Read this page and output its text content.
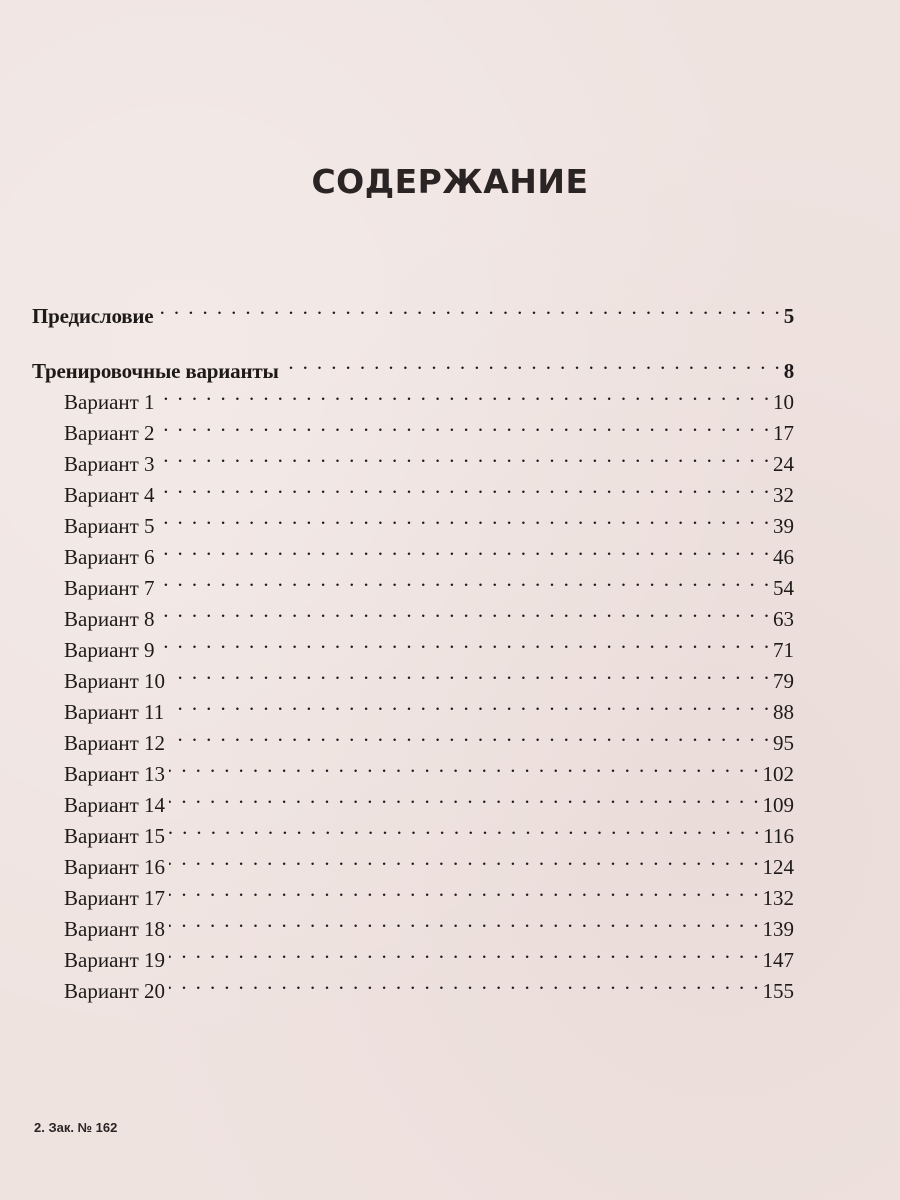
СОДЕРЖАНИЕ
Предисловие . . .	5
Тренировочные варианты . . .	8
Вариант 1 . . .	10
Вариант 2 . . .	17
Вариант 3 . . .	24
Вариант 4 . . .	32
Вариант 5 . . .	39
Вариант 6 . . .	46
Вариант 7 . . .	54
Вариант 8 . . .	63
Вариант 9 . . .	71
Вариант 10 . . .	79
Вариант 11 . . .	88
Вариант 12 . . .	95
Вариант 13 . . .	102
Вариант 14 . . .	109
Вариант 15 . . .	116
Вариант 16 . . .	124
Вариант 17 . . .	132
Вариант 18 . . .	139
Вариант 19 . . .	147
Вариант 20 . . .	155
2. Зак. № 162
